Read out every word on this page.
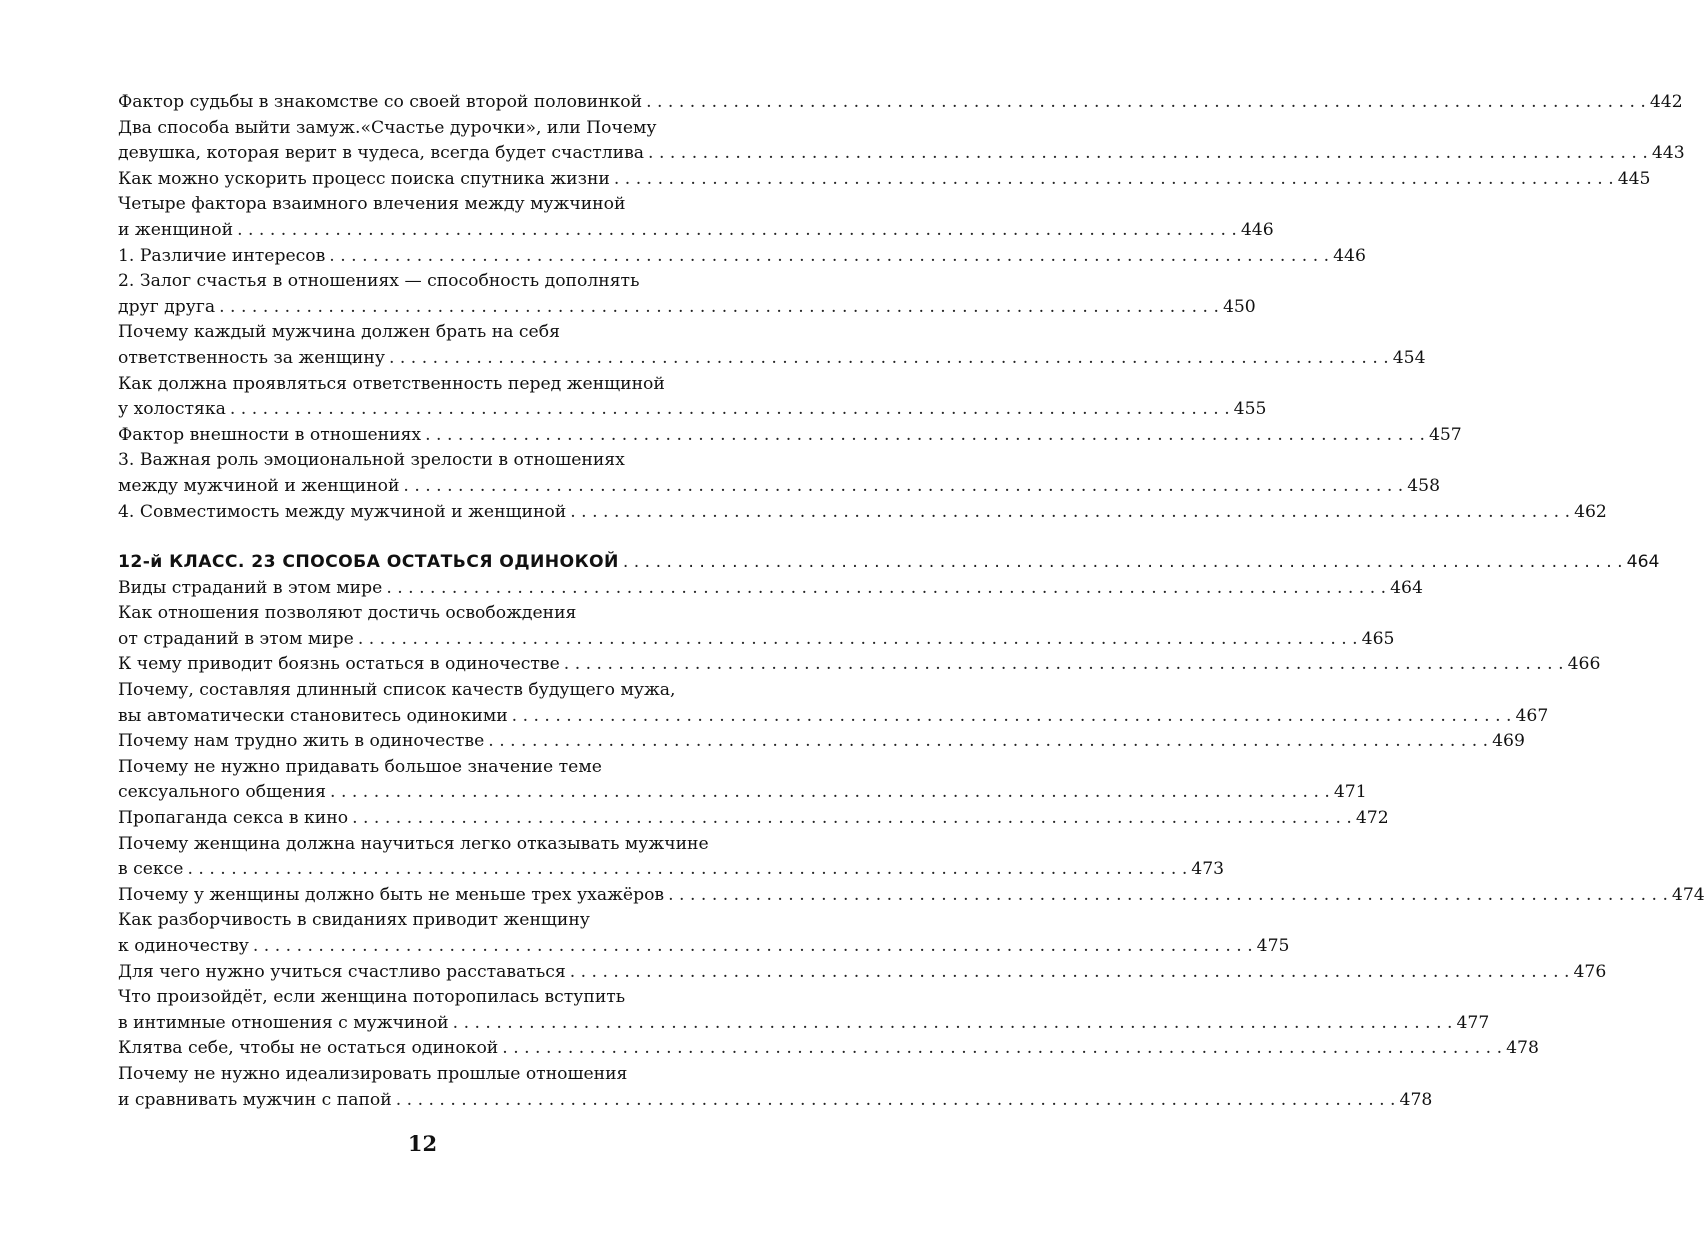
Фактор судьбы в знакомстве со своей второй половинкой . . .	442
Два способа выйти замуж.«Счастье дурочки», или Почему
девушка, которая верит в чудеса, всегда будет счастлива . . .	443
Как можно ускорить процесс поиска спутника жизни . . .	445
Четыре фактора взаимного влечения между мужчиной
и женщиной . . .	446
1. Различие интересов . . .	446
2. Залог счастья в отношениях — способность дополнять
друг друга . . .	450
Почему каждый мужчина должен брать на себя
ответственность за женщину . . .	454
Как должна проявляться ответственность перед женщиной
у холостяка . . .	455
Фактор внешности в отношениях . . .	457
3. Важная роль эмоциональной зрелости в отношениях
между мужчиной и женщиной . . .	458
4. Совместимость между мужчиной и женщиной . . .	462
12-й КЛАСС. 23 СПОСОБА ОСТАТЬСЯ ОДИНОКОЙ . . .	464
Виды страданий в этом мире . . .	464
Как отношения позволяют достичь освобождения
от страданий в этом мире . . .	465
К чему приводит боязнь остаться в одиночестве . . .	466
Почему, составляя длинный список качеств будущего мужа,
вы автоматически становитесь одинокими . . .	467
Почему нам трудно жить в одиночестве . . .	469
Почему не нужно придавать большое значение теме
сексуального общения . . .	471
Пропаганда секса в кино . . .	472
Почему женщина должна научиться легко отказывать мужчине
в сексе . . .	473
Почему у женщины должно быть не меньше трех ухажёров . . .	474
Как разборчивость в свиданиях приводит женщину
к одиночеству . . .	475
Для чего нужно учиться счастливо расставаться . . .	476
Что произойдёт, если женщина поторопилась вступить
в интимные отношения с мужчиной . . .	477
Клятва себе, чтобы не остаться одинокой . . .	478
Почему не нужно идеализировать прошлые отношения
и сравнивать мужчин с папой . . .	478
12
